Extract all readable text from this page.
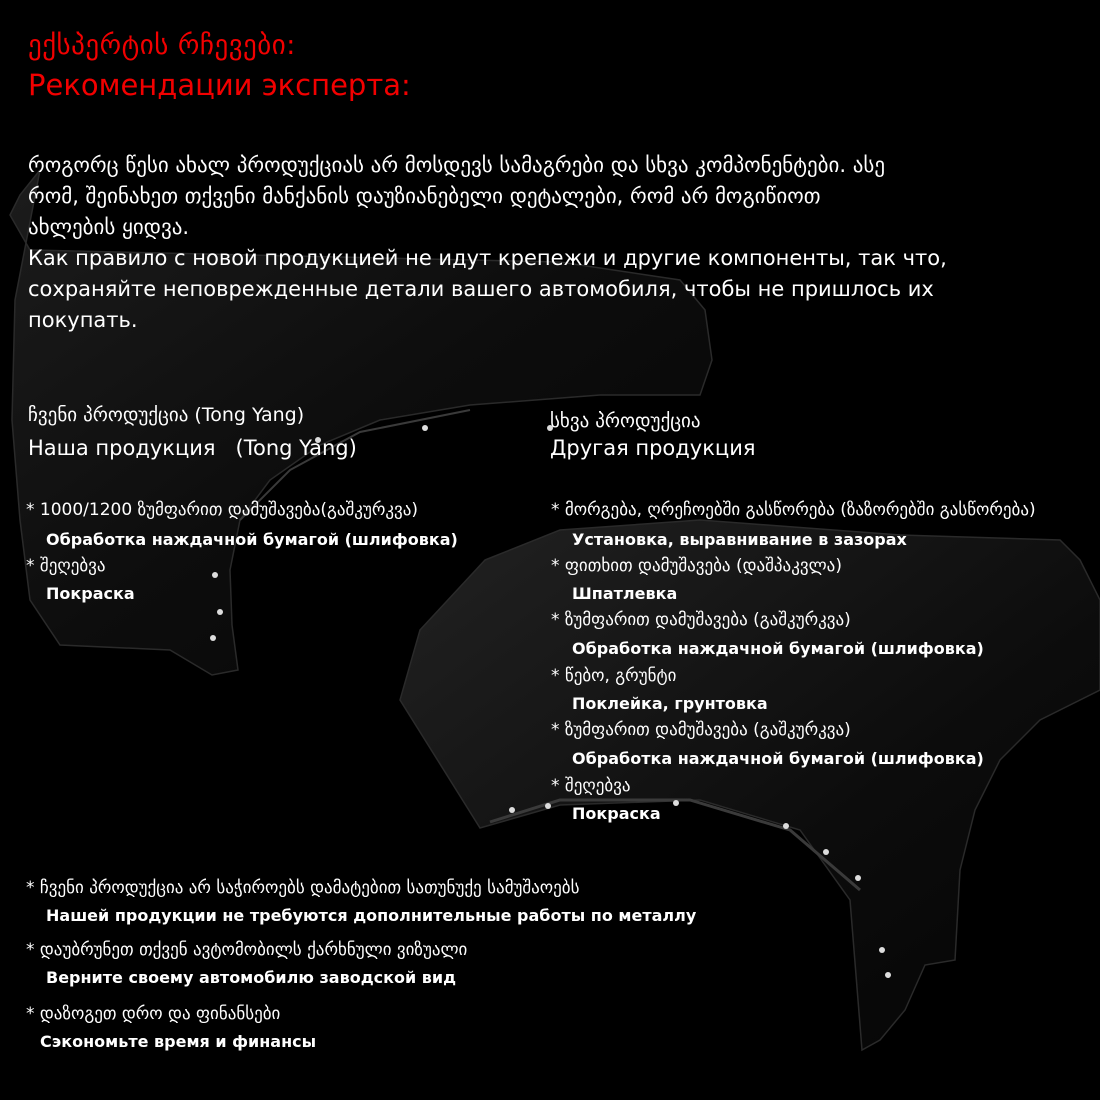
ექსპერტის რჩევები:
Рекомендации эксперта:
როგორც წესი ახალ პროდუქციას არ მოსდევს სამაგრები და სხვა კომპონენტები. ასე
რომ, შეინახეთ თქვენი მანქანის დაუზიანებელი დეტალები, რომ არ მოგიწიოთ
ახლების ყიდვა.
Как правило с новой продукцией не идут крепежи и другие компоненты, так что,
сохраняйте неповрежденные детали вашего автомобиля, чтобы не пришлось их
покупать.
ჩვენი პროდუქცია (Tong Yang)
Наша продукция   (Tong Yang)
* 1000/1200 ზუმფარით დამუშავება(გაშკურკვა)
Обработка наждачной бумагой (шлифовка)
* შეღებვა
Покраска
სხვა პროდუქცია
Другая продукция
* მორგება, ღრეჩოებში გასწორება (ზაზორებში გასწორება)
Установка, выравнивание в зазорах
* ფითხით დამუშავება (დაშპაკვლა)
Шпатлевка
* ზუმფარით დამუშავება (გაშკურკვა)
Обработка наждачной бумагой (шлифовка)
* წებო, გრუნტი
Поклейка, грунтовка
* ზუმფარით დამუშავება (გაშკურკვა)
Обработка наждачной бумагой (шлифовка)
* შეღებვა
Покраска
* ჩვენი პროდუქცია არ საჭიროებს დამატებით სათუნუქე სამუშაოებს
Нашей продукции не требуются дополнительные работы по металлу
* დაუბრუნეთ თქვენ ავტომობილს ქარხნული ვიზუალი
Верните своему автомобилю заводской вид
* დაზოგეთ დრო და ფინანსები
Сэкономьте время и финансы
